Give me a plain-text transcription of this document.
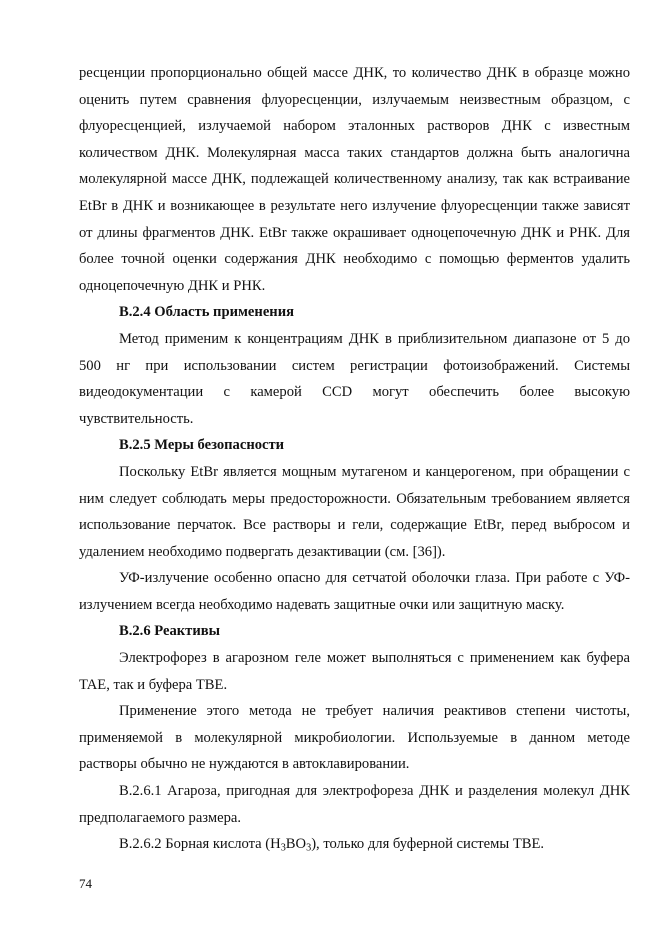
ресценции пропорционально общей массе ДНК, то количество ДНК в образце можно оценить путем сравнения флуоресценции, излучаемым неизвестным образцом, с флуоресценцией, излучаемой набором эталонных растворов ДНК с известным количеством ДНК. Молекулярная масса таких стандартов должна быть аналогична молекулярной массе ДНК, подлежащей количественному анализу, так как встраивание EtBr в ДНК и возникающее в результате него излучение флуоресценции также зависят от длины фрагментов ДНК. EtBr также окрашивает одноцепочечную ДНК и РНК. Для более точной оценки содержания ДНК необходимо с помощью ферментов удалить одноцепочечную ДНК и РНК.

B.2.4 Область применения

Метод применим к концентрациям ДНК в приблизительном диапазоне от 5 до 500 нг при использовании систем регистрации фотоизображений. Системы видеодокументации с камерой CCD могут обеспечить более высокую чувствительность.

B.2.5 Меры безопасности

Поскольку EtBr является мощным мутагеном и канцерогеном, при обращении с ним следует соблюдать меры предосторожности. Обязательным требованием является использование перчаток. Все растворы и гели, содержащие EtBr, перед выбросом и удалением необходимо подвергать дезактивации (см. [36]).

УФ-излучение особенно опасно для сетчатой оболочки глаза. При работе с УФ-излучением всегда необходимо надевать защитные очки или защитную маску.

B.2.6 Реактивы

Электрофорез в агарозном геле может выполняться с применением как буфера TAE, так и буфера TBE.

Применение этого метода не требует наличия реактивов степени чистоты, применяемой в молекулярной микробиологии. Используемые в данном методе растворы обычно не нуждаются в автоклавировании.

B.2.6.1 Агароза, пригодная для электрофореза ДНК и разделения молекул ДНК предполагаемого размера.

B.2.6.2 Борная кислота $(H_3BO_3)$, только для буферной системы TBE.

74
